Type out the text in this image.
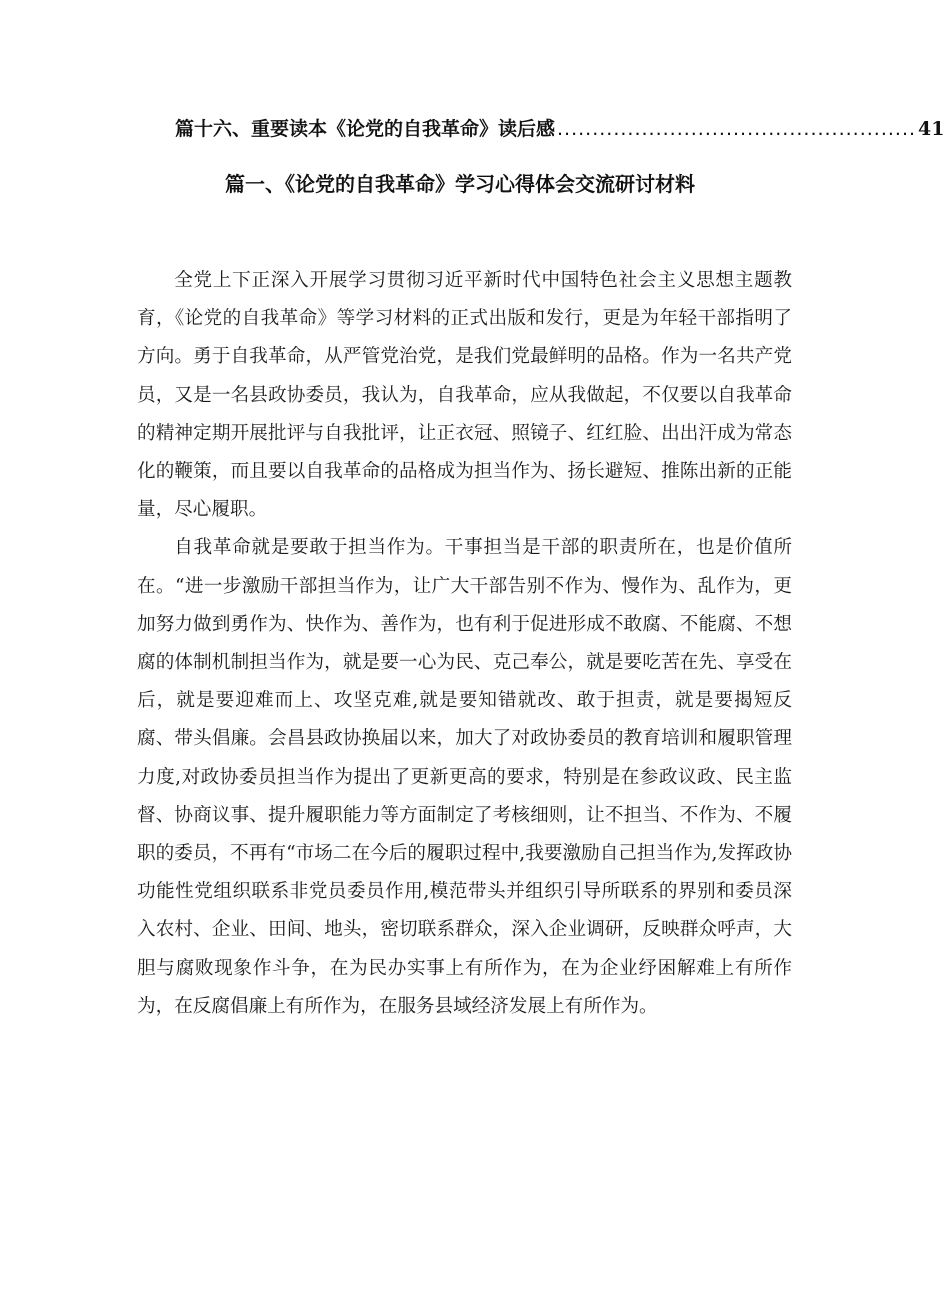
篇十六、重要读本《论党的自我革命》读后感 ................................................... 41
篇一、《论党的自我革命》学习心得体会交流研讨材料

全党上下正深入开展学习贯彻习近平新时代中国特色社会主义思想主题教育，《论党的自我革命》等学习材料的正式出版和发行，更是为年轻干部指明了方向。勇于自我革命，从严管党治党，是我们党最鲜明的品格。作为一名共产党员，又是一名县政协委员，我认为，自我革命，应从我做起，不仅要以自我革命的精神定期开展批评与自我批评，让正衣冠、照镜子、红红脸、出出汗成为常态化的鞭策，而且要以自我革命的品格成为担当作为、扬长避短、推陈出新的正能量，尽心履职。

自我革命就是要敢于担当作为。干事担当是干部的职责所在，也是价值所在。“进一步激励干部担当作为，让广大干部告别不作为、慢作为、乱作为，更加努力做到勇作为、快作为、善作为，也有利于促进形成不敢腐、不能腐、不想腐的体制机制担当作为，就是要一心为民、克己奉公，就是要吃苦在先、享受在后，就是要迎难而上、攻坚克难,就是要知错就改、敢于担责，就是要揭短反腐、带头倡廉。会昌县政协换届以来，加大了对政协委员的教育培训和履职管理力度,对政协委员担当作为提出了更新更高的要求，特别是在参政议政、民主监督、协商议事、提升履职能力等方面制定了考核细则，让不担当、不作为、不履职的委员，不再有“市场二在今后的履职过程中,我要激励自己担当作为,发挥政协功能性党组织联系非党员委员作用,模范带头并组织引导所联系的界别和委员深入农村、企业、田间、地头，密切联系群众，深入企业调研，反映群众呼声，大胆与腐败现象作斗争，在为民办实事上有所作为，在为企业纾困解难上有所作为，在反腐倡廉上有所作为，在服务县域经济发展上有所作为。
